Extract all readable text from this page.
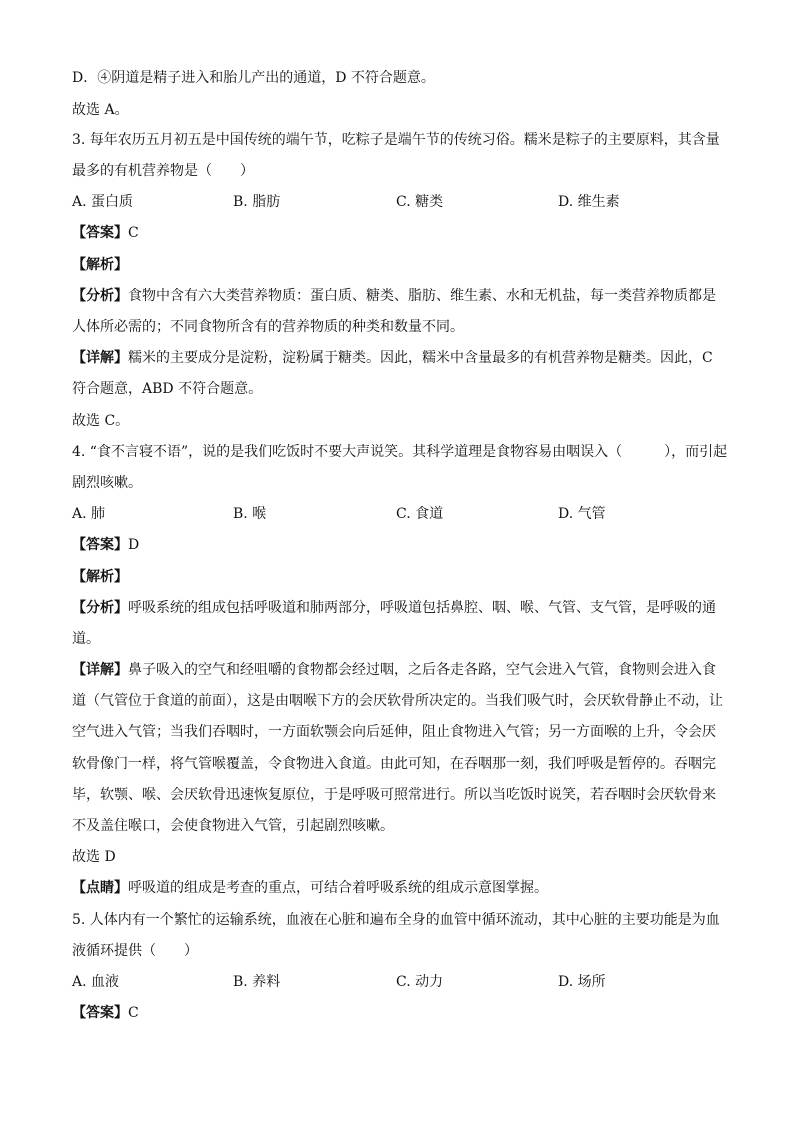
D．④阴道是精子进入和胎儿产出的通道，D 不符合题意。
故选 A。
3. 每年农历五月初五是中国传统的端午节，吃粽子是端午节的传统习俗。糯米是粽子的主要原料，其含量
最多的有机营养物是（　　）
A. 蛋白质	B. 脂肪	C. 糖类	D. 维生素
【答案】C
【解析】
【分析】食物中含有六大类营养物质：蛋白质、糖类、脂肪、维生素、水和无机盐，每一类营养物质都是
人体所必需的；不同食物所含有的营养物质的种类和数量不同。
【详解】糯米的主要成分是淀粉，淀粉属于糖类。因此，糯米中含量最多的有机营养物是糖类。因此，C
符合题意，ABD 不符合题意。
故选 C。
4. “食不言寝不语”，说的是我们吃饭时不要大声说笑。其科学道理是食物容易由咽误入（　　　），而引起
剧烈咳嗽。
A. 肺	B. 喉	C. 食道	D. 气管
【答案】D
【解析】
【分析】呼吸系统的组成包括呼吸道和肺两部分，呼吸道包括鼻腔、咽、喉、气管、支气管，是呼吸的通
道。
【详解】鼻子吸入的空气和经咀嚼的食物都会经过咽，之后各走各路，空气会进入气管，食物则会进入食
道（气管位于食道的前面），这是由咽喉下方的会厌软骨所决定的。当我们吸气时，会厌软骨静止不动，让
空气进入气管；当我们吞咽时，一方面软颚会向后延伸，阻止食物进入气管；另一方面喉的上升，令会厌
软骨像门一样，将气管喉覆盖，令食物进入食道。由此可知，在吞咽那一刻，我们呼吸是暂停的。吞咽完
毕，软颚、喉、会厌软骨迅速恢复原位，于是呼吸可照常进行。所以当吃饭时说笑，若吞咽时会厌软骨来
不及盖住喉口，会使食物进入气管，引起剧烈咳嗽。
故选 D
【点睛】呼吸道的组成是考查的重点，可结合着呼吸系统的组成示意图掌握。
5. 人体内有一个繁忙的运输系统，血液在心脏和遍布全身的血管中循环流动，其中心脏的主要功能是为血
液循环提供（　　）
A. 血液	B. 养料	C. 动力	D. 场所
【答案】C
